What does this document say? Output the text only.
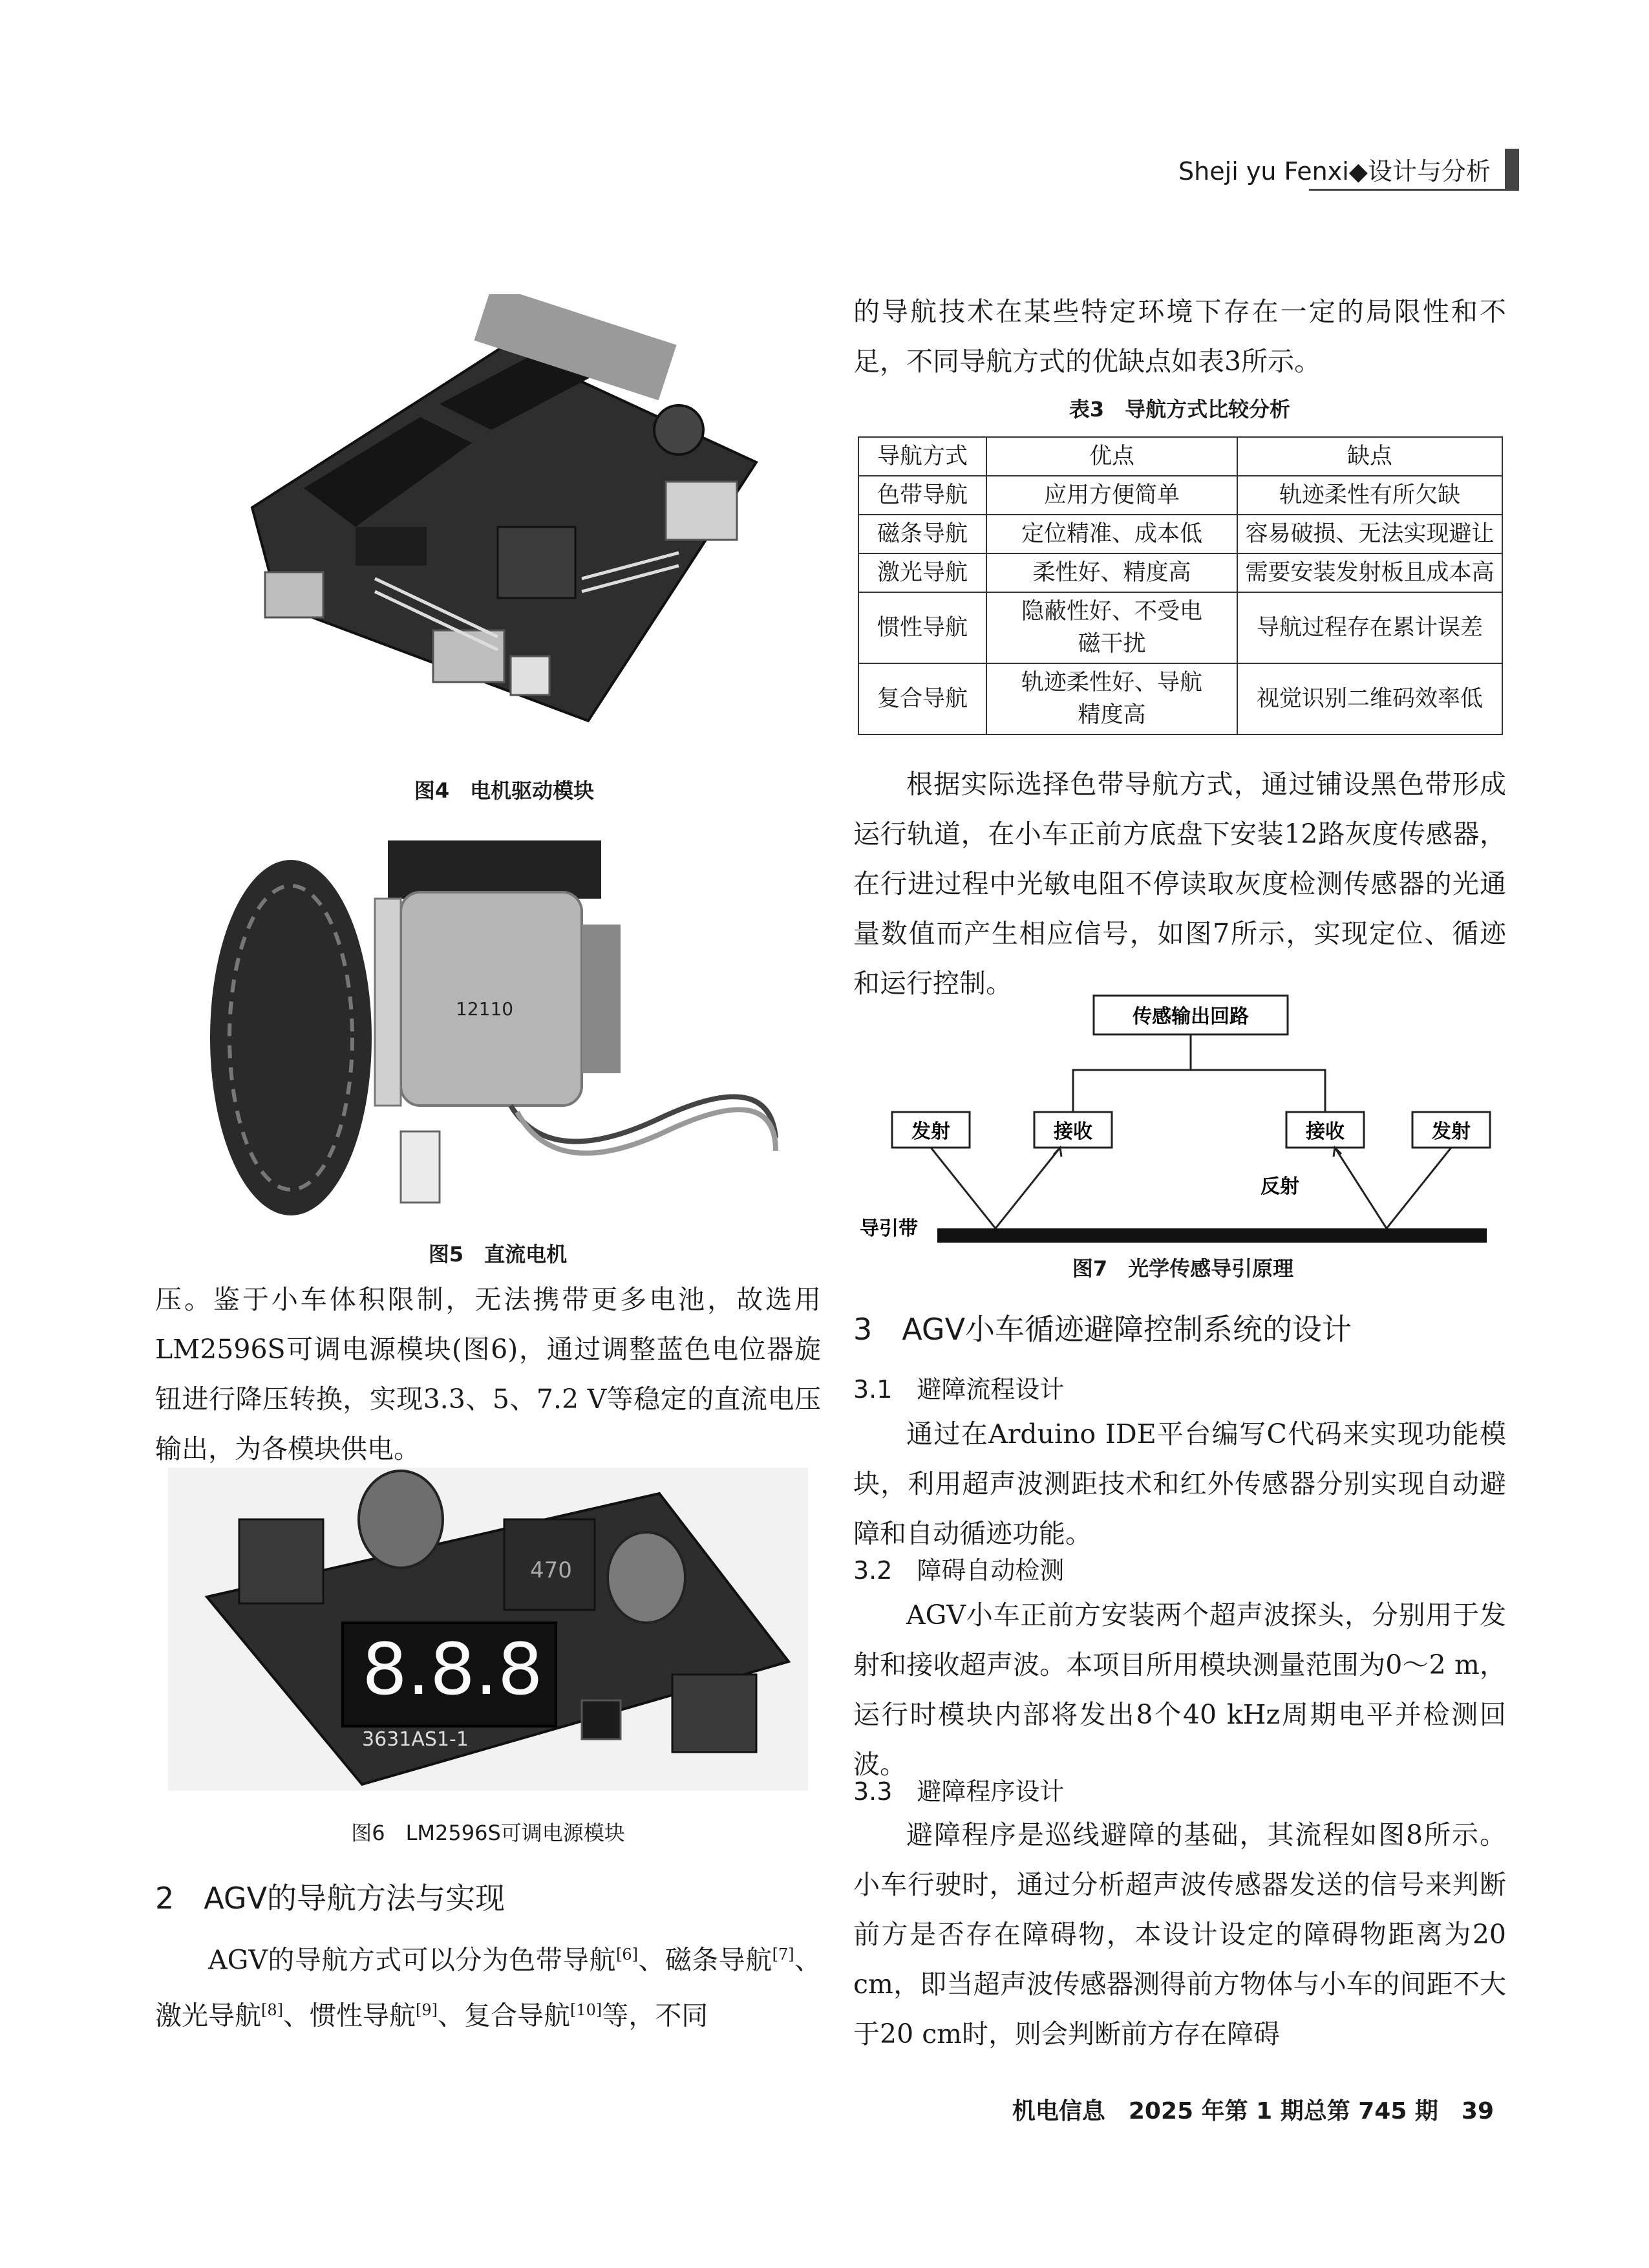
Sheji yu Fenxi◆设计与分析
图4　电机驱动模块
12110
图5　直流电机

压。鉴于小车体积限制，无法携带更多电池，故选用LM2596S可调电源模块(图6)，通过调整蓝色电位器旋钮进行降压转换，实现3.3、5、7.2 V等稳定的直流电压输出，为各模块供电。

470
8.8.8
3631AS1-1
图6　LM2596S可调电源模块
2　AGV的导航方法与实现

AGV的导航方式可以分为色带导航[6]、磁条导航[7]、激光导航[8]、惯性导航[9]、复合导航[10]等，不同

的导航技术在某些特定环境下存在一定的局限性和不足，不同导航方式的优缺点如表3所示。

表3　导航方式比较分析
导航方式	优点	缺点
色带导航	应用方便简单	轨迹柔性有所欠缺
磁条导航	定位精准、成本低	容易破损、无法实现避让
激光导航	柔性好、精度高	需要安装发射板且成本高
惯性导航	隐蔽性好、不受电磁干扰	导航过程存在累计误差
复合导航	轨迹柔性好、导航精度高	视觉识别二维码效率低

根据实际选择色带导航方式，通过铺设黑色带形成运行轨道，在小车正前方底盘下安装12路灰度传感器，在行进过程中光敏电阻不停读取灰度检测传感器的光通量数值而产生相应信号，如图7所示，实现定位、循迹和运行控制。

传感输出回路
发射	接收	接收	发射
反射
导引带
图7　光学传感导引原理
3　AGV小车循迹避障控制系统的设计
3.1　避障流程设计

通过在Arduino IDE平台编写C代码来实现功能模块，利用超声波测距技术和红外传感器分别实现自动避障和自动循迹功能。

3.2　障碍自动检测

AGV小车正前方安装两个超声波探头，分别用于发射和接收超声波。本项目所用模块测量范围为0～2 m，运行时模块内部将发出8个40 kHz周期电平并检测回波。

3.3　避障程序设计

避障程序是巡线避障的基础，其流程如图8所示。小车行驶时，通过分析超声波传感器发送的信号来判断前方是否存在障碍物，本设计设定的障碍物距离为20 cm，即当超声波传感器测得前方物体与小车的间距不大于20 cm时，则会判断前方存在障碍

机电信息　2025 年第 1 期总第 745 期　39
